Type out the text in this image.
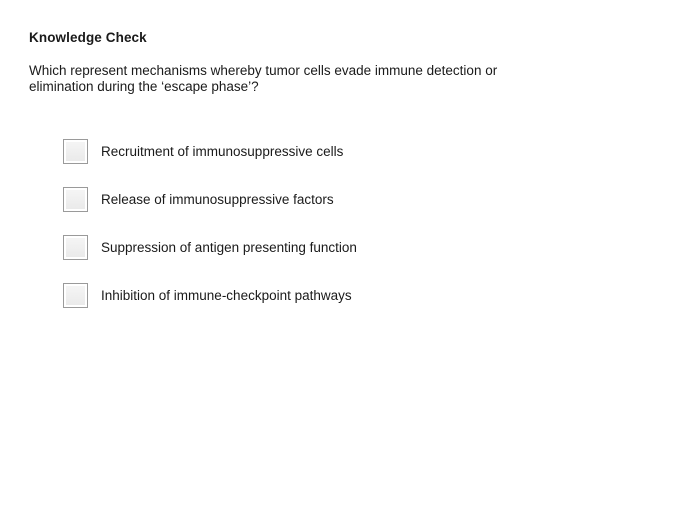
Knowledge Check
Which represent mechanisms whereby tumor cells evade immune detection or
elimination during the ‘escape phase’?
Recruitment of immunosuppressive cells
Release of immunosuppressive factors
Suppression of antigen presenting function
Inhibition of immune-checkpoint pathways
